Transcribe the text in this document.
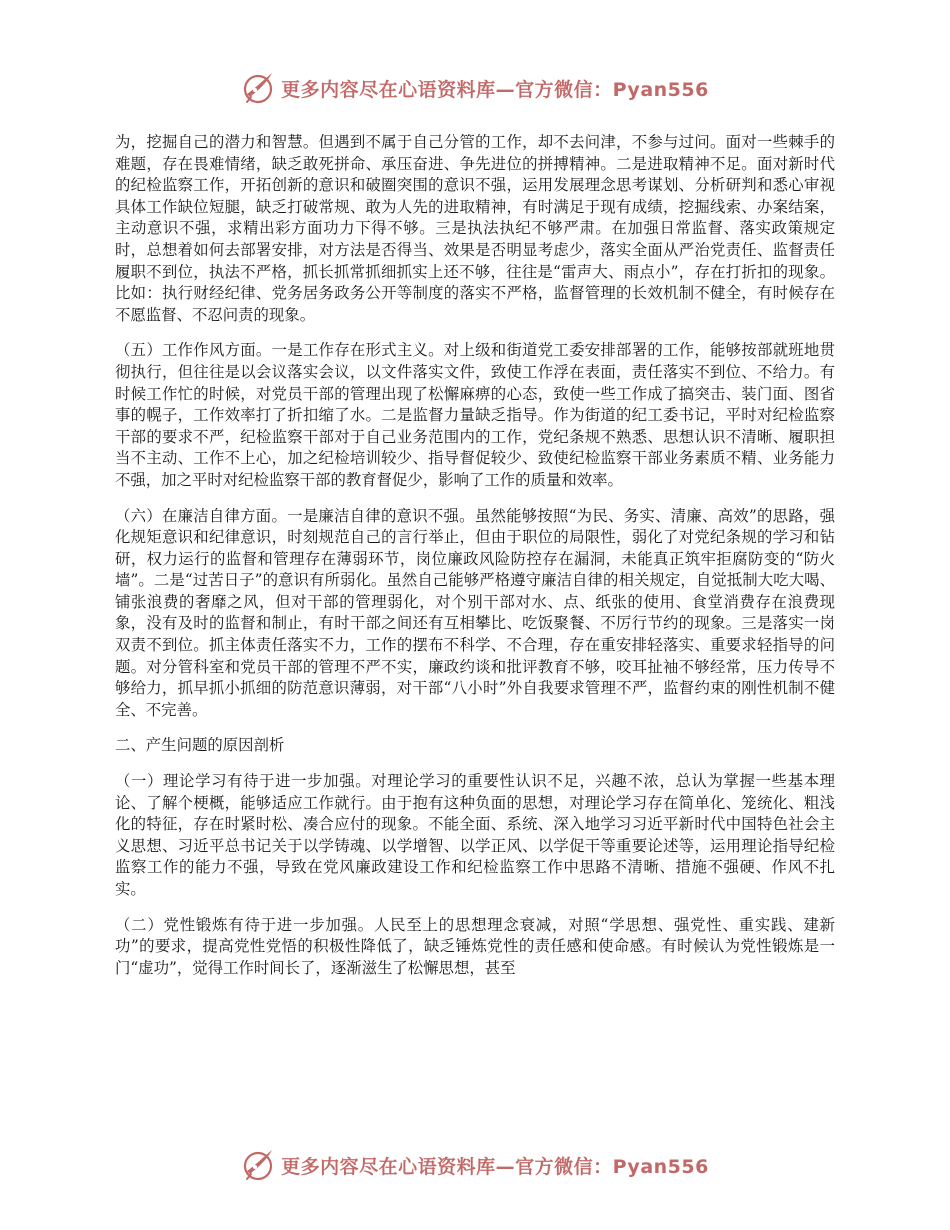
更多内容尽在心语资料库—官方微信：Pyan556

为，挖掘自己的潜力和智慧。但遇到不属于自己分管的工作，却不去问津，不参与过问。面对一些棘手的难题，存在畏难情绪，缺乏敢死拼命、承压奋进、争先进位的拼搏精神。二是进取精神不足。面对新时代的纪检监察工作，开拓创新的意识和破圈突围的意识不强，运用发展理念思考谋划、分析研判和悉心审视具体工作缺位短腿，缺乏打破常规、敢为人先的进取精神，有时满足于现有成绩，挖掘线索、办案结案，主动意识不强，求精出彩方面功力下得不够。三是执法执纪不够严肃。在加强日常监督、落实政策规定时，总想着如何去部署安排，对方法是否得当、效果是否明显考虑少，落实全面从严治党责任、监督责任履职不到位，执法不严格，抓长抓常抓细抓实上还不够，往往是“雷声大、雨点小”，存在打折扣的现象。比如：执行财经纪律、党务居务政务公开等制度的落实不严格，监督管理的长效机制不健全，有时候存在不愿监督、不忍问责的现象。

（五）工作作风方面。一是工作存在形式主义。对上级和街道党工委安排部署的工作，能够按部就班地贯彻执行，但往往是以会议落实会议，以文件落实文件，致使工作浮在表面，责任落实不到位、不给力。有时候工作忙的时候，对党员干部的管理出现了松懈麻痹的心态，致使一些工作成了搞突击、装门面、图省事的幌子，工作效率打了折扣缩了水。二是监督力量缺乏指导。作为街道的纪工委书记，平时对纪检监察干部的要求不严，纪检监察干部对于自己业务范围内的工作，党纪条规不熟悉、思想认识不清晰、履职担当不主动、工作不上心，加之纪检培训较少、指导督促较少、致使纪检监察干部业务素质不精、业务能力不强，加之平时对纪检监察干部的教育督促少，影响了工作的质量和效率。

（六）在廉洁自律方面。一是廉洁自律的意识不强。虽然能够按照“为民、务实、清廉、高效”的思路，强化规矩意识和纪律意识，时刻规范自己的言行举止，但由于职位的局限性，弱化了对党纪条规的学习和钻研，权力运行的监督和管理存在薄弱环节，岗位廉政风险防控存在漏洞，未能真正筑牢拒腐防变的“防火墙”。二是“过苦日子”的意识有所弱化。虽然自己能够严格遵守廉洁自律的相关规定，自觉抵制大吃大喝、铺张浪费的奢靡之风，但对干部的管理弱化，对个别干部对水、点、纸张的使用、食堂消费存在浪费现象，没有及时的监督和制止，有时干部之间还有互相攀比、吃饭聚餐、不厉行节约的现象。三是落实一岗双责不到位。抓主体责任落实不力，工作的摆布不科学、不合理，存在重安排轻落实、重要求轻指导的问题。对分管科室和党员干部的管理不严不实，廉政约谈和批评教育不够，咬耳扯袖不够经常，压力传导不够给力，抓早抓小抓细的防范意识薄弱，对干部“八小时”外自我要求管理不严，监督约束的刚性机制不健全、不完善。

二、产生问题的原因剖析

（一）理论学习有待于进一步加强。对理论学习的重要性认识不足，兴趣不浓，总认为掌握一些基本理论、了解个梗概，能够适应工作就行。由于抱有这种负面的思想，对理论学习存在简单化、笼统化、粗浅化的特征，存在时紧时松、凑合应付的现象。不能全面、系统、深入地学习习近平新时代中国特色社会主义思想、习近平总书记关于以学铸魂、以学增智、以学正风、以学促干等重要论述等，运用理论指导纪检监察工作的能力不强，导致在党风廉政建设工作和纪检监察工作中思路不清晰、措施不强硬、作风不扎实。

（二）党性锻炼有待于进一步加强。人民至上的思想理念衰减，对照“学思想、强党性、重实践、建新功”的要求，提高党性党悟的积极性降低了，缺乏锤炼党性的责任感和使命感。有时候认为党性锻炼是一门“虚功”，觉得工作时间长了，逐渐滋生了松懈思想，甚至

更多内容尽在心语资料库—官方微信：Pyan556
